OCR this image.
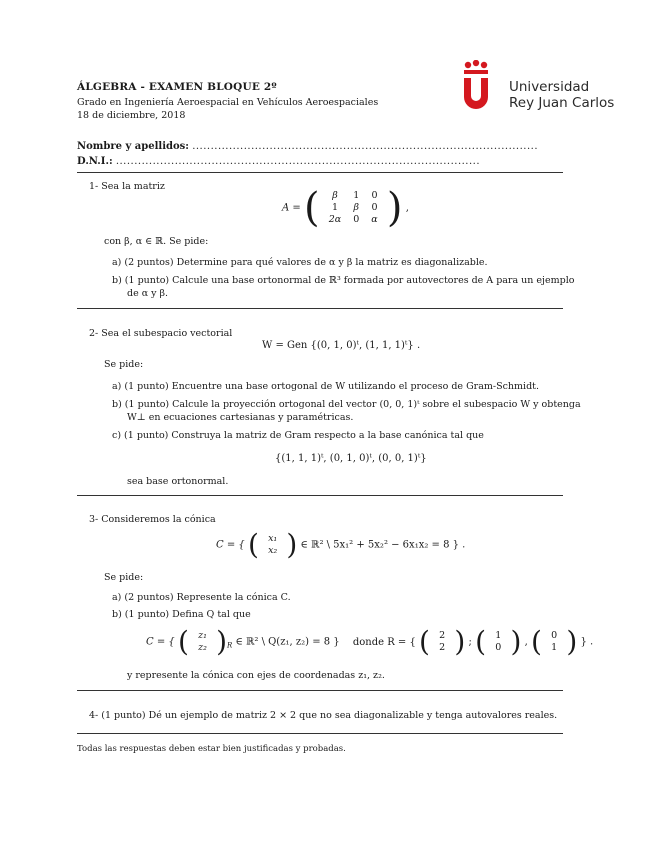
ÁLGEBRA - EXAMEN BLOQUE 2º
Grado en Ingeniería Aeroespacial en Vehículos Aeroespaciales
18 de diciembre, 2018
Universidad
Rey Juan Carlos
Nombre y apellidos: ..............................................................................................
D.N.I.: ...................................................................................................
1- Sea la matriz
A = ( β	1	0
1	β	0
2α	0	α ) ,
con β, α ∈ ℝ. Se pide:
a) (2 puntos) Determine para qué valores de α y β la matriz es diagonalizable.
b) (1 punto) Calcule una base ortonormal de ℝ³ formada por autovectores de A para un ejemplo
de α y β.
2- Sea el subespacio vectorial
W = Gen {(0, 1, 0)ᵗ, (1, 1, 1)ᵗ} .
Se pide:
a) (1 punto) Encuentre una base ortogonal de W utilizando el proceso de Gram-Schmidt.
b) (1 punto) Calcule la proyección ortogonal del vector (0, 0, 1)ᵗ sobre el subespacio W y obtenga
W⊥ en ecuaciones cartesianas y paramétricas.
c) (1 punto) Construya la matriz de Gram respecto a la base canónica tal que
{(1, 1, 1)ᵗ, (0, 1, 0)ᵗ, (0, 0, 1)ᵗ}
sea base ortonormal.
3- Consideremos la cónica
C = { ( x₁
x₂ ) ∈ ℝ² \ 5x₁² + 5x₂² − 6x₁x₂ = 8 } .
Se pide:
a) (2 puntos) Represente la cónica C.
b) (1 punto) Defina Q tal que
C = { ( z₁
z₂ )$_R$ ∈ ℝ² \ Q(z₁, z₂) = 8 } donde R = { ( 2
2 ) ; ( 1
0 ) , ( 0
1 ) } .
y represente la cónica con ejes de coordenadas z₁, z₂.
4- (1 punto) Dé un ejemplo de matriz 2 × 2 que no sea diagonalizable y tenga autovalores reales.
Todas las respuestas deben estar bien justificadas y probadas.
